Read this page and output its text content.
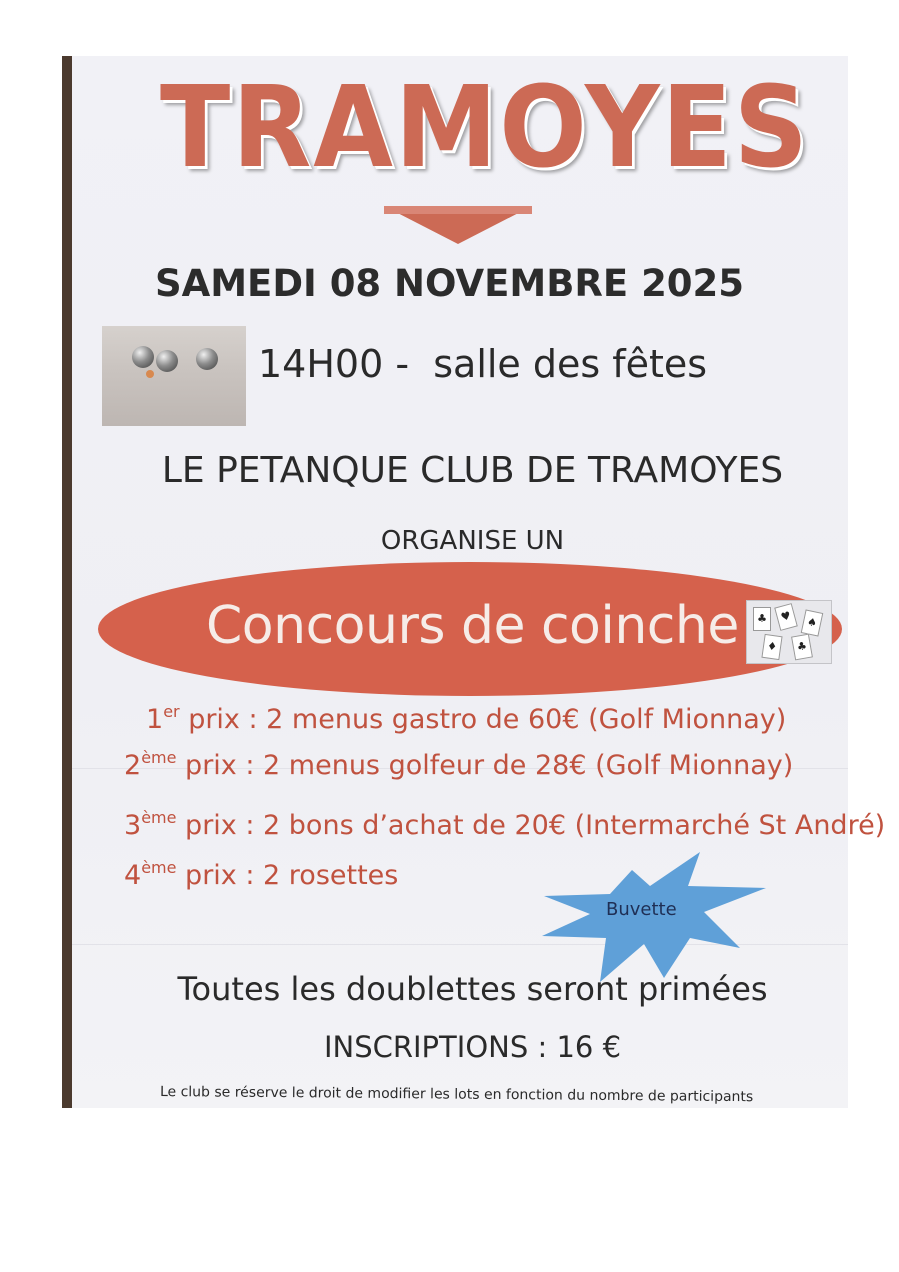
TRAMOYES
SAMEDI 08 NOVEMBRE 2025
14H00 -  salle des fêtes
LE PETANQUE CLUB DE TRAMOYES
ORGANISE UN
Concours de coinche	♣	♥	♠
♦	♣
1er prix : 2 menus gastro de 60€ (Golf Mionnay)
2ème prix : 2 menus golfeur de 28€ (Golf Mionnay)
3ème prix : 2 bons d’achat de 20€ (Intermarché St André)
4ème prix : 2 rosettes
Buvette
Toutes les doublettes seront primées
INSCRIPTIONS : 16 €
Le club se réserve le droit de modifier les lots en fonction du nombre de participants
